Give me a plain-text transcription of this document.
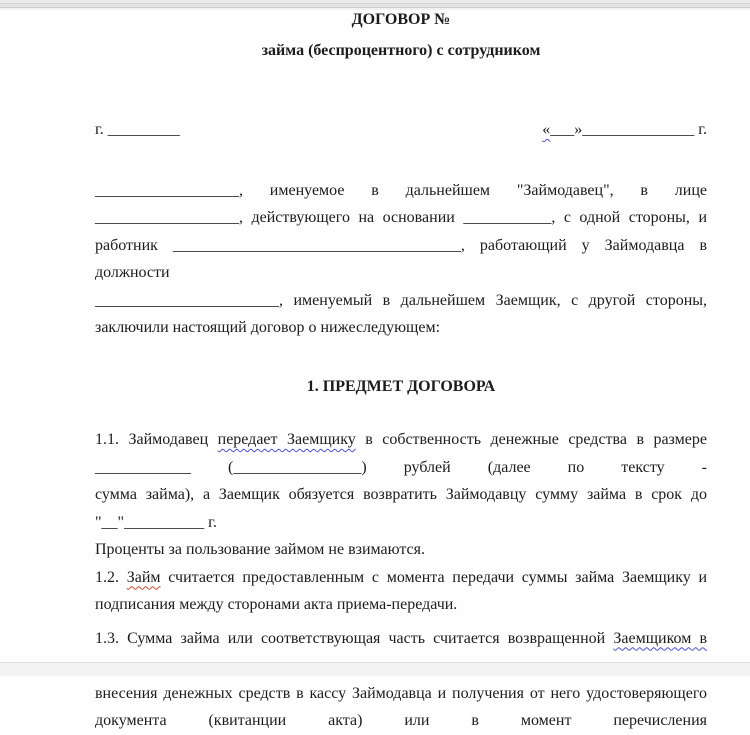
ДОГОВОР №
займа (беспроцентного) с сотрудником
г. _________	«___»______________ г.
__________________, именуемое в дальнейшем "Займодавец", в лице
__________________, действующего на основании ___________, с одной стороны, и
работник ____________________________________, работающий у Займодавца в должности
_______________________, именуемый в дальнейшем Заемщик, с другой стороны,
заключили настоящий договор о нижеследующем:
1. ПРЕДМЕТ ДОГОВОРА
1.1. Займодавец передает Заемщику в собственность денежные средства в размере
____________ (________________) рублей (далее по тексту -
сумма займа), а Заемщик обязуется возвратить Займодавцу сумму займа в срок до
"__"__________ г.
Проценты за пользование займом не взимаются.
1.2. Займ считается предоставленным с момента передачи суммы займа Заемщику и
подписания между сторонами акта приема-передачи.
1.3. Сумма займа или соответствующая часть считается возвращенной Заемщиком в
внесения денежных средств в кассу Займодавца и получения от него удостоверяющего
документа (квитанции акта) или в момент перечисления
